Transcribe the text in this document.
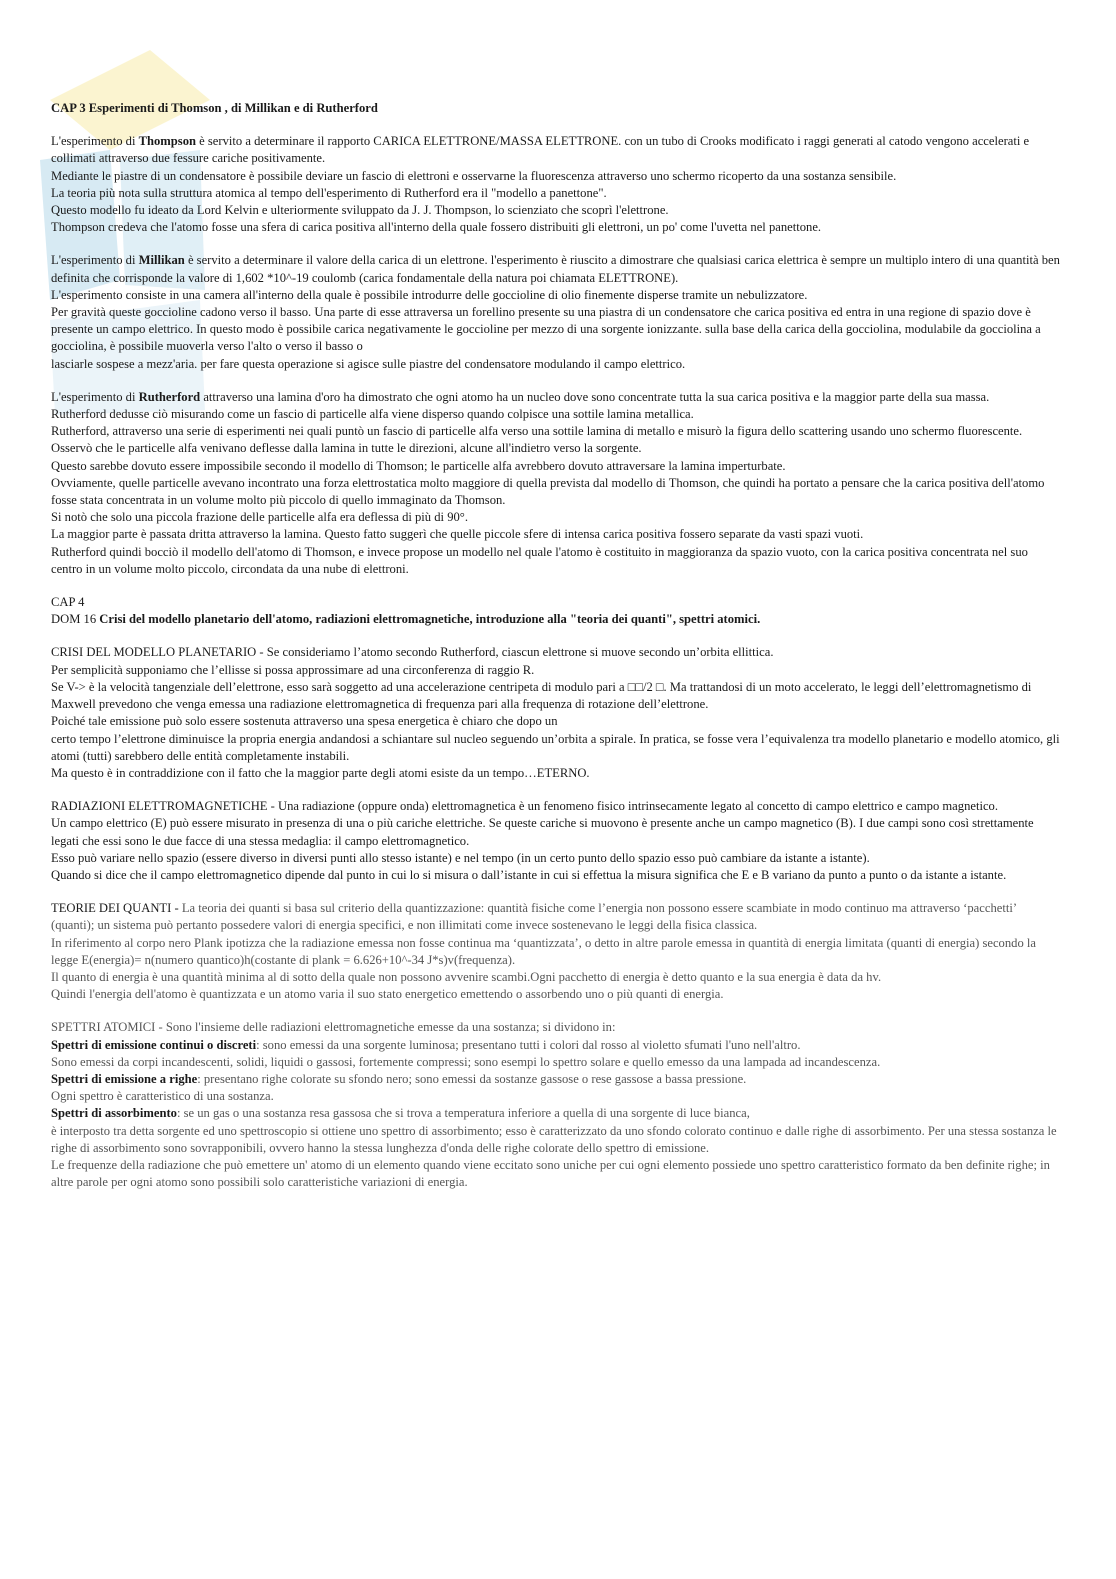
CAP 3 Esperimenti di Thomson , di Millikan e di Rutherford

L'esperimento di Thompson è servito a determinare il rapporto CARICA ELETTRONE/MASSA ELETTRONE. con un tubo di Crooks modificato i raggi generati al catodo vengono accelerati e collimati attraverso due fessure cariche positivamente.

Mediante le piastre di un condensatore è possibile deviare un fascio di elettroni e osservarne la fluorescenza attraverso uno schermo ricoperto da una sostanza sensibile.

La teoria più nota sulla struttura atomica al tempo dell'esperimento di Rutherford era il "modello a panettone".

Questo modello fu ideato da Lord Kelvin e ulteriormente sviluppato da J. J. Thompson, lo scienziato che scoprì l'elettrone.

Thompson credeva che l'atomo fosse una sfera di carica positiva all'interno della quale fossero distribuiti gli elettroni, un po' come l'uvetta nel panettone.

L'esperimento di Millikan è servito a determinare il valore della carica di un elettrone. l'esperimento è riuscito a dimostrare che qualsiasi carica elettrica è sempre un multiplo intero di una quantità ben definita che corrisponde la valore di 1,602 *10^-19 coulomb (carica fondamentale della natura poi chiamata ELETTRONE).

L'esperimento consiste in una camera all'interno della quale è possibile introdurre delle goccioline di olio finemente disperse tramite un nebulizzatore.

Per gravità queste goccioline cadono verso il basso. Una parte di esse attraversa un forellino presente su una piastra di un condensatore che carica positiva ed entra in una regione di spazio dove è presente un campo elettrico. In questo modo è possibile carica negativamente le goccioline per mezzo di una sorgente ionizzante. sulla base della carica della gocciolina, modulabile da gocciolina a gocciolina, è possibile muoverla verso l'alto o verso il basso o

lasciarle sospese a mezz'aria. per fare questa operazione si agisce sulle piastre del condensatore modulando il campo elettrico.

L'esperimento di Rutherford attraverso una lamina d'oro ha dimostrato che ogni atomo ha un nucleo dove sono concentrate tutta la sua carica positiva e la maggior parte della sua massa.

Rutherford dedusse ciò misurando come un fascio di particelle alfa viene disperso quando colpisce una sottile lamina metallica.

Rutherford, attraverso una serie di esperimenti nei quali puntò un fascio di particelle alfa verso una sottile lamina di metallo e misurò la figura dello scattering usando uno schermo fluorescente.

Osservò che le particelle alfa venivano deflesse dalla lamina in tutte le direzioni, alcune all'indietro verso la sorgente.

Questo sarebbe dovuto essere impossibile secondo il modello di Thomson; le particelle alfa avrebbero dovuto attraversare la lamina imperturbate.

Ovviamente, quelle particelle avevano incontrato una forza elettrostatica molto maggiore di quella prevista dal modello di Thomson, che quindi ha portato a pensare che la carica positiva dell'atomo fosse stata concentrata in un volume molto più piccolo di quello immaginato da Thomson.

Si notò che solo una piccola frazione delle particelle alfa era deflessa di più di 90°.

La maggior parte è passata dritta attraverso la lamina. Questo fatto suggerì che quelle piccole sfere di intensa carica positiva fossero separate da vasti spazi vuoti.

Rutherford quindi bocciò il modello dell'atomo di Thomson, e invece propose un modello nel quale l'atomo è costituito in maggioranza da spazio vuoto, con la carica positiva concentrata nel suo centro in un volume molto piccolo, circondata da una nube di elettroni.

CAP 4

DOM 16 Crisi del modello planetario dell'atomo, radiazioni elettromagnetiche, introduzione alla "teoria dei quanti", spettri atomici.

CRISI DEL MODELLO PLANETARIO - Se consideriamo l’atomo secondo Rutherford, ciascun elettrone si muove secondo un’orbita ellittica.

Per semplicità supponiamo che l’ellisse si possa approssimare ad una circonferenza di raggio R.

Se V-> è la velocità tangenziale dell’elettrone, esso sarà soggetto ad una accelerazione centripeta di modulo pari a □□/2 □. Ma trattandosi di un moto accelerato, le leggi dell’elettromagnetismo di Maxwell prevedono che venga emessa una radiazione elettromagnetica di frequenza pari alla frequenza di rotazione dell’elettrone.

Poiché tale emissione può solo essere sostenuta attraverso una spesa energetica è chiaro che dopo un

certo tempo l’elettrone diminuisce la propria energia andandosi a schiantare sul nucleo seguendo un’orbita a spirale. In pratica, se fosse vera l’equivalenza tra modello planetario e modello atomico, gli atomi (tutti) sarebbero delle entità completamente instabili.

Ma questo è in contraddizione con il fatto che la maggior parte degli atomi esiste da un tempo…ETERNO.

RADIAZIONI ELETTROMAGNETICHE - Una radiazione (oppure onda) elettromagnetica è un fenomeno fisico intrinsecamente legato al concetto di campo elettrico e campo magnetico.

Un campo elettrico (E) può essere misurato in presenza di una o più cariche elettriche. Se queste cariche si muovono è presente anche un campo magnetico (B). I due campi sono così strettamente legati che essi sono le due facce di una stessa medaglia: il campo elettromagnetico.

Esso può variare nello spazio (essere diverso in diversi punti allo stesso istante) e nel tempo (in un certo punto dello spazio esso può cambiare da istante a istante).

Quando si dice che il campo elettromagnetico dipende dal punto in cui lo si misura o dall’istante in cui si effettua la misura significa che E e B variano da punto a punto o da istante a istante.

TEORIE DEI QUANTI - La teoria dei quanti si basa sul criterio della quantizzazione: quantità fisiche come l’energia non possono essere scambiate in modo continuo ma attraverso ‘pacchetti’ (quanti); un sistema può pertanto possedere valori di energia specifici, e non illimitati come invece sostenevano le leggi della fisica classica.

In riferimento al corpo nero Plank ipotizza che la radiazione emessa non fosse continua ma ‘quantizzata’, o detto in altre parole emessa in quantità di energia limitata (quanti di energia) secondo la legge E(energia)= n(numero quantico)h(costante di plank = 6.626+10^-34 J*s)v(frequenza).

Il quanto di energia è una quantità minima al di sotto della quale non possono avvenire scambi.Ogni pacchetto di energia è detto quanto e la sua energia è data da hv.

Quindi l'energia dell'atomo è quantizzata e un atomo varia il suo stato energetico emettendo o assorbendo uno o più quanti di energia.

SPETTRI ATOMICI - Sono l'insieme delle radiazioni elettromagnetiche emesse da una sostanza; si dividono in:

Spettri di emissione continui o discreti: sono emessi da una sorgente luminosa; presentano tutti i colori dal rosso al violetto sfumati l'uno nell'altro.

Sono emessi da corpi incandescenti, solidi, liquidi o gassosi, fortemente compressi; sono esempi lo spettro solare e quello emesso da una lampada ad incandescenza.

Spettri di emissione a righe: presentano righe colorate su sfondo nero; sono emessi da sostanze gassose o rese gassose a bassa pressione.

Ogni spettro è caratteristico di una sostanza.

Spettri di assorbimento: se un gas o una sostanza resa gassosa che si trova a temperatura inferiore a quella di una sorgente di luce bianca,

è interposto tra detta sorgente ed uno spettroscopio si ottiene uno spettro di assorbimento; esso è caratterizzato da uno sfondo colorato continuo e dalle righe di assorbimento. Per una stessa sostanza le righe di assorbimento sono sovrapponibili, ovvero hanno la stessa lunghezza d'onda delle righe colorate dello spettro di emissione.

Le frequenze della radiazione che può emettere un' atomo di un elemento quando viene eccitato sono uniche per cui ogni elemento possiede uno spettro caratteristico formato da ben definite righe; in altre parole per ogni atomo sono possibili solo caratteristiche variazioni di energia.
